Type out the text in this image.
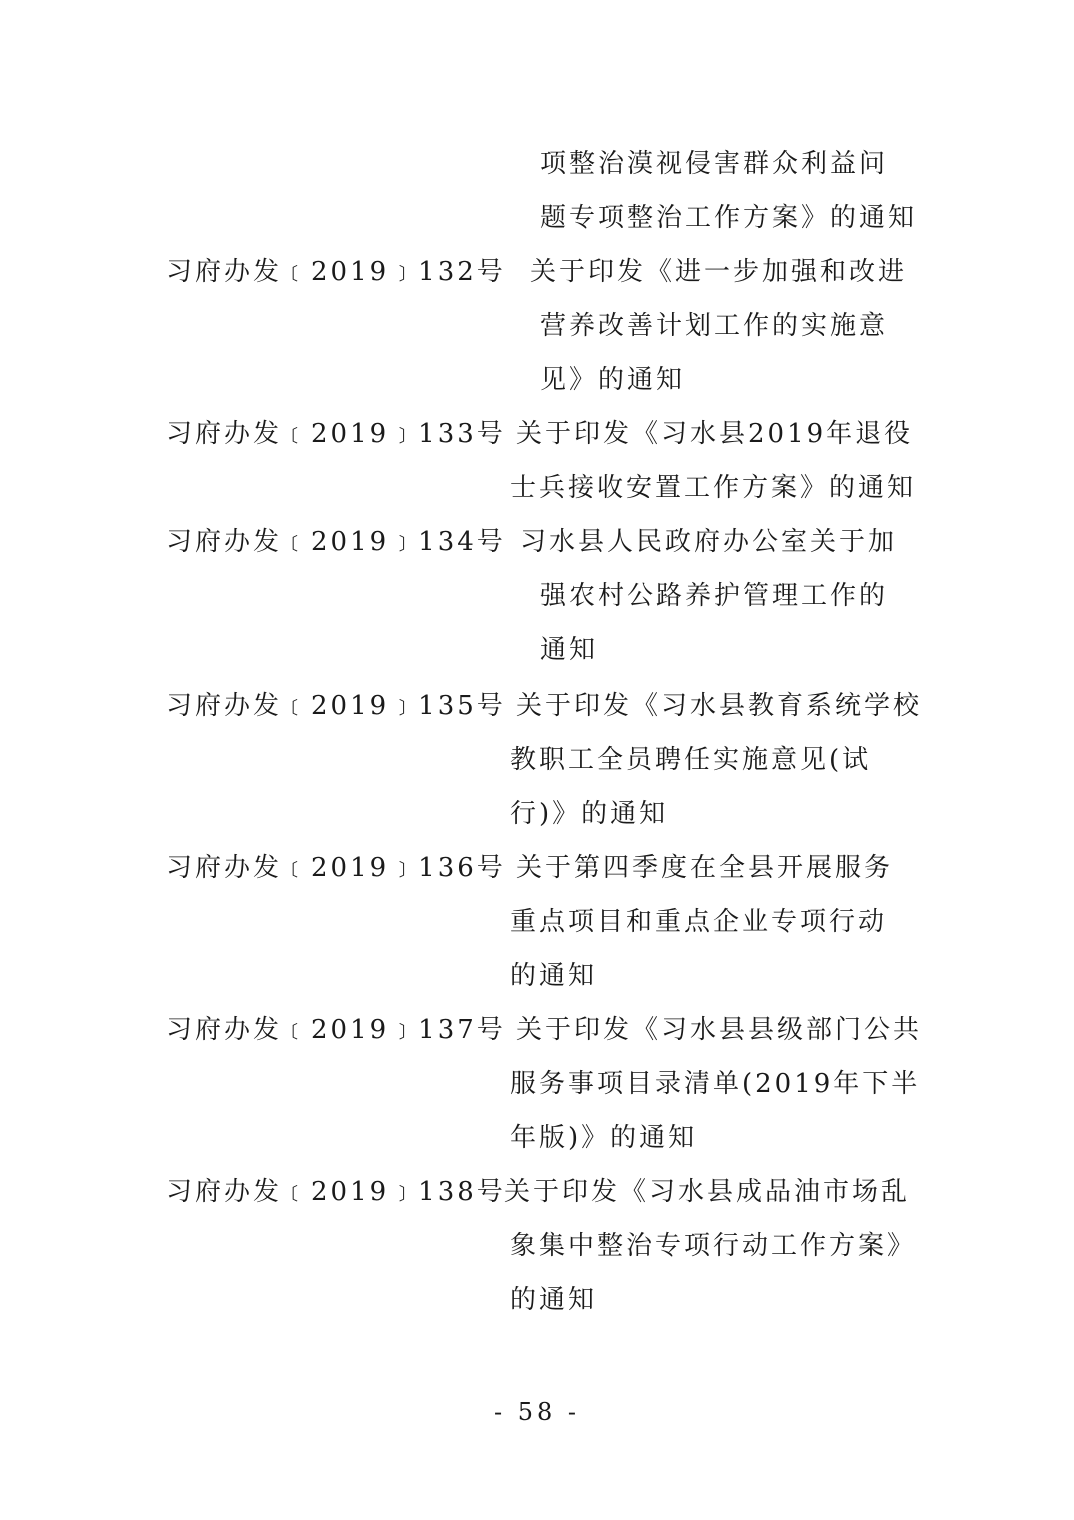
项整治漠视侵害群众利益问
题专项整治工作方案》的通知
习府办发﹝2019﹞132号 关于印发《进一步加强和改进
营养改善计划工作的实施意
见》的通知
习府办发﹝2019﹞133号 关于印发《习水县2019年退役
士兵接收安置工作方案》的通知
习府办发﹝2019﹞134号 习水县人民政府办公室关于加
强农村公路养护管理工作的
通知
习府办发﹝2019﹞135号 关于印发《习水县教育系统学校
教职工全员聘任实施意见(试
行)》的通知
习府办发﹝2019﹞136号 关于第四季度在全县开展服务
重点项目和重点企业专项行动
的通知
习府办发﹝2019﹞137号 关于印发《习水县县级部门公共
服务事项目录清单(2019年下半
年版)》的通知
习府办发﹝2019﹞138号
关于印发《习水县成品油市场乱
象集中整治专项行动工作方案》
的通知
- 58 -
